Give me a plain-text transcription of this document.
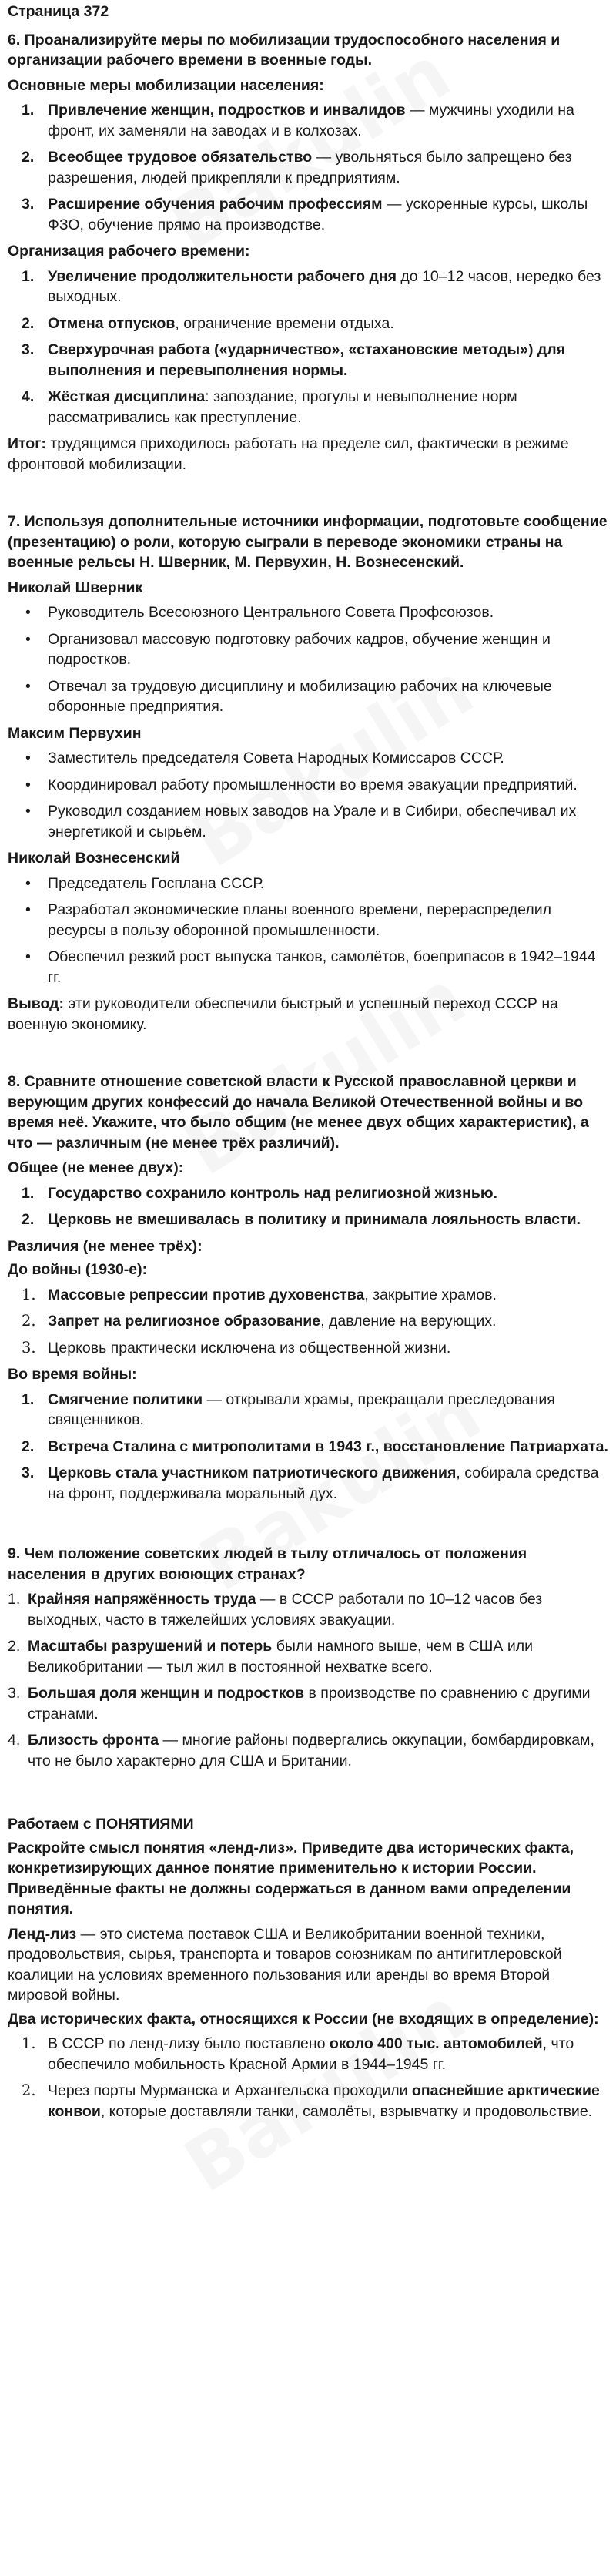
Страница 372

6. Проанализируйте меры по мобилизации трудоспособного населения и организации рабочего времени в военные годы.

Основные меры мобилизации населения:

1. Привлечение женщин, подростков и инвалидов — мужчины уходили на фронт, их заменяли на заводах и в колхозах.
2. Всеобщее трудовое обязательство — увольняться было запрещено без разрешения, людей прикрепляли к предприятиям.
3. Расширение обучения рабочим профессиям — ускоренные курсы, школы ФЗО, обучение прямо на производстве.

Организация рабочего времени:

1. Увеличение продолжительности рабочего дня до 10–12 часов, нередко без выходных.
2. Отмена отпусков, ограничение времени отдыха.
3. Сверхурочная работа («ударничество», «стахановские методы») для выполнения и перевыполнения нормы.
4. Жёсткая дисциплина: запоздание, прогулы и невыполнение норм рассматривались как преступление.

Итог: трудящимся приходилось работать на пределе сил, фактически в режиме фронтовой мобилизации.

7. Используя дополнительные источники информации, подготовьте сообщение (презентацию) о роли, которую сыграли в переводе экономики страны на военные рельсы Н. Шверник, М. Первухин, Н. Вознесенский.

Николай Шверник

• Руководитель Всесоюзного Центрального Совета Профсоюзов.
• Организовал массовую подготовку рабочих кадров, обучение женщин и подростков.
• Отвечал за трудовую дисциплину и мобилизацию рабочих на ключевые оборонные предприятия.

Максим Первухин

• Заместитель председателя Совета Народных Комиссаров СССР.
• Координировал работу промышленности во время эвакуации предприятий.
• Руководил созданием новых заводов на Урале и в Сибири, обеспечивал их энергетикой и сырьём.

Николай Вознесенский

• Председатель Госплана СССР.
• Разработал экономические планы военного времени, перераспределил ресурсы в пользу оборонной промышленности.
• Обеспечил резкий рост выпуска танков, самолётов, боеприпасов в 1942–1944 гг.

Вывод: эти руководители обеспечили быстрый и успешный переход СССР на военную экономику.

8. Сравните отношение советской власти к Русской православной церкви и верующим других конфессий до начала Великой Отечественной войны и во время неё. Укажите, что было общим (не менее двух общих характеристик), а что — различным (не менее трёх различий).

Общее (не менее двух):

1. Государство сохранило контроль над религиозной жизнью.
2. Церковь не вмешивалась в политику и принимала лояльность власти.

Различия (не менее трёх):

До войны (1930-е):

1. Массовые репрессии против духовенства, закрытие храмов.
2. Запрет на религиозное образование, давление на верующих.
3. Церковь практически исключена из общественной жизни.

Во время войны:

1. Смягчение политики — открывали храмы, прекращали преследования священников.
2. Встреча Сталина с митрополитами в 1943 г., восстановление Патриархата.
3. Церковь стала участником патриотического движения, собирала средства на фронт, поддерживала моральный дух.

9. Чем положение советских людей в тылу отличалось от положения населения в других воюющих странах?

1. Крайняя напряжённость труда — в СССР работали по 10–12 часов без выходных, часто в тяжелейших условиях эвакуации.
2. Масштабы разрушений и потерь были намного выше, чем в США или Великобритании — тыл жил в постоянной нехватке всего.
3. Большая доля женщин и подростков в производстве по сравнению с другими странами.
4. Близость фронта — многие районы подвергались оккупации, бомбардировкам, что не было характерно для США и Британии.

Работаем с ПОНЯТИЯМИ

Раскройте смысл понятия «ленд-лиз». Приведите два исторических факта, конкретизирующих данное понятие применительно к истории России. Приведённые факты не должны содержаться в данном вами определении понятия.

Ленд-лиз — это система поставок США и Великобритании военной техники, продовольствия, сырья, транспорта и товаров союзникам по антигитлеровской коалиции на условиях временного пользования или аренды во время Второй мировой войны.

Два исторических факта, относящихся к России (не входящих в определение):

1. В СССР по ленд-лизу было поставлено около 400 тыс. автомобилей, что обеспечило мобильность Красной Армии в 1944–1945 гг.
2. Через порты Мурманска и Архангельска проходили опаснейшие арктические конвои, которые доставляли танки, самолёты, взрывчатку и продовольствие.
